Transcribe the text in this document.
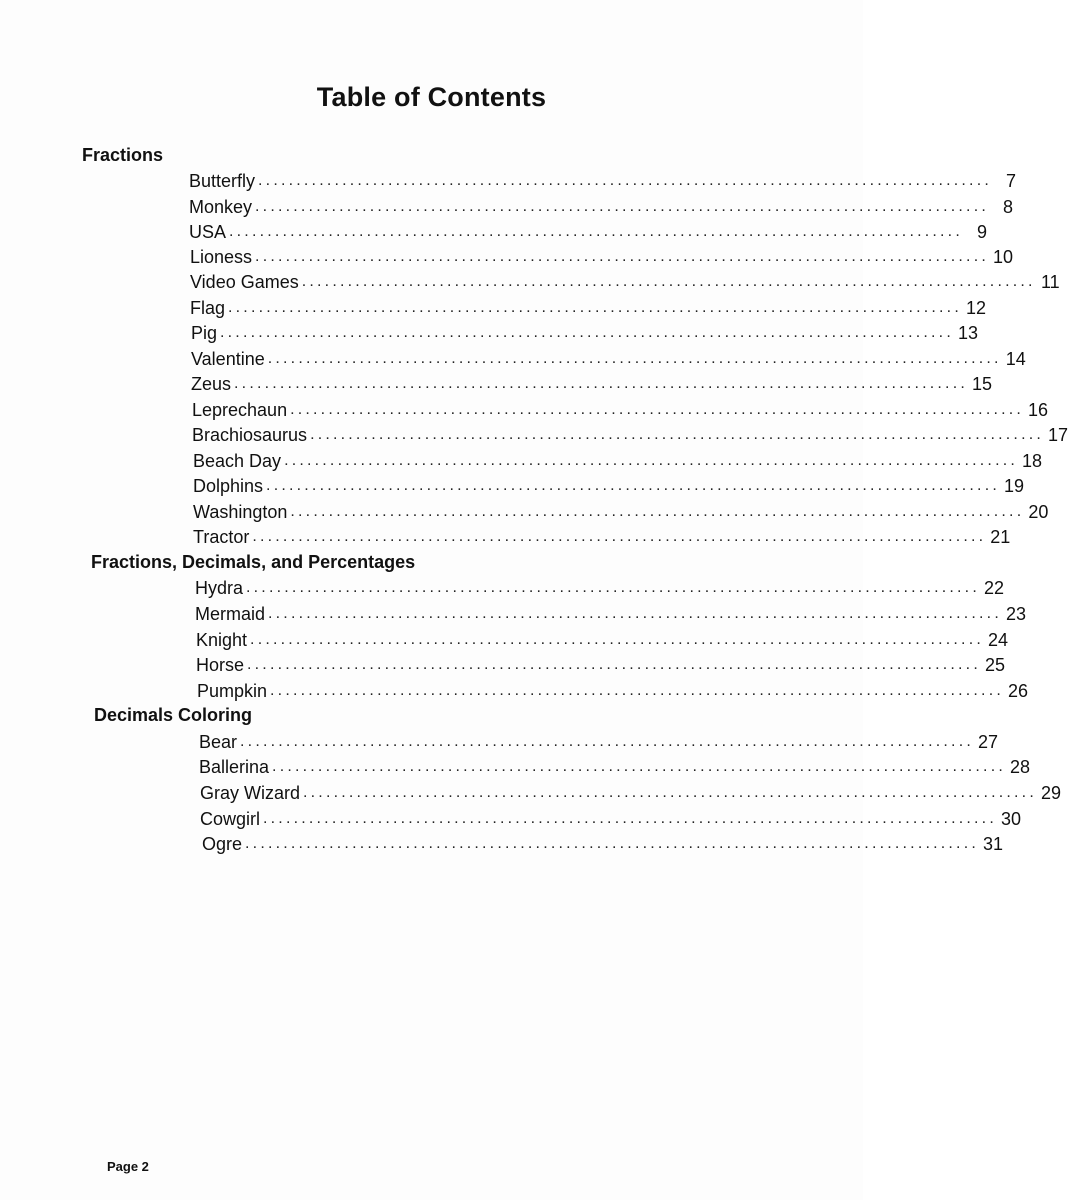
Table of Contents
Fractions
Butterfly ................................................................................................ 7
Monkey ................................................................................................ 8
USA ................................................................................................ 9
Lioness ................................................................................................ 10
Video Games ................................................................................................ 11
Flag ................................................................................................ 12
Pig ................................................................................................ 13
Valentine ................................................................................................ 14
Zeus ................................................................................................ 15
Leprechaun ................................................................................................ 16
Brachiosaurus ................................................................................................ 17
Beach Day ................................................................................................ 18
Dolphins ................................................................................................ 19
Washington ................................................................................................ 20
Tractor ................................................................................................ 21
Fractions, Decimals, and Percentages
Hydra ................................................................................................ 22
Mermaid ................................................................................................ 23
Knight ................................................................................................ 24
Horse ................................................................................................ 25
Pumpkin ................................................................................................ 26
Decimals Coloring
Bear ................................................................................................ 27
Ballerina ................................................................................................ 28
Gray Wizard ................................................................................................ 29
Cowgirl ................................................................................................ 30
Ogre ................................................................................................ 31
Page 2
